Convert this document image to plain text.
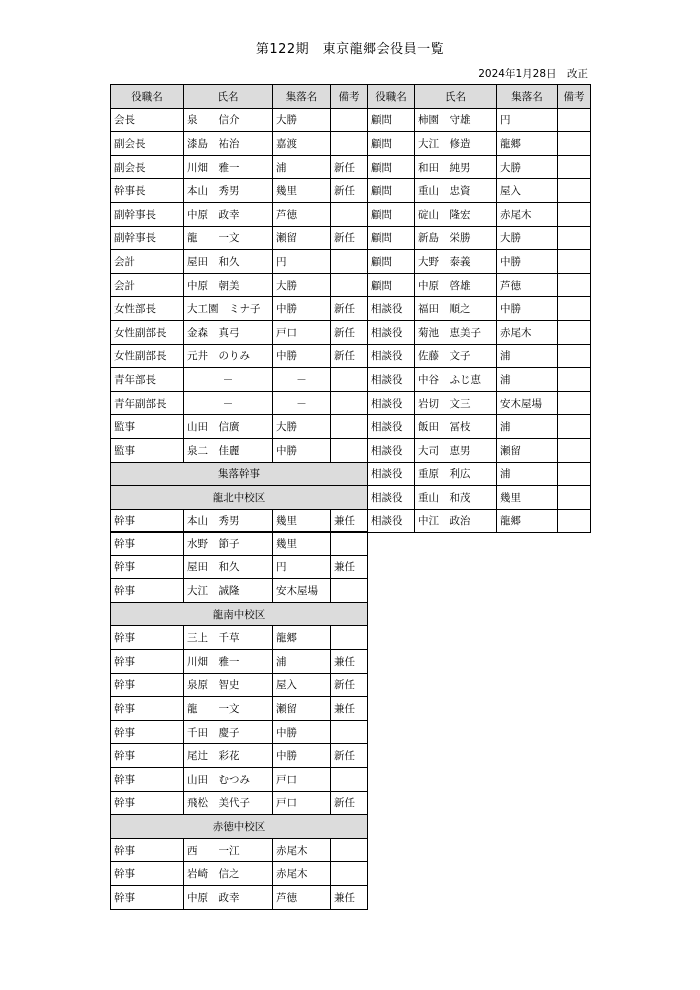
第122期　東京龍郷会役員一覧
2024年1月28日　改正
役職名	氏名	集落名	備考	役職名	氏名	集落名	備考
会長	泉　　信介	大勝		顧問	柿園　守雄	円	
副会長	漆島　祐治	嘉渡		顧問	大江　修造	龍郷	
副会長	川畑　雅一	浦	新任	顧問	和田　純男	大勝	
幹事長	本山　秀男	幾里	新任	顧問	重山　忠資	屋入	
副幹事長	中原　政幸	芦徳		顧問	碇山　隆宏	赤尾木	
副幹事長	龍　　一文	瀬留	新任	顧問	新島　栄勝	大勝	
会計	屋田　和久	円		顧問	大野　泰義	中勝	
会計	中原　朝美	大勝		顧問	中原　啓雄	芦徳	
女性部長	大工園　ミナ子	中勝	新任	相談役	福田　順之	中勝	
女性副部長	金森　真弓	戸口	新任	相談役	菊池　恵美子	赤尾木	
女性副部長	元井　のりみ	中勝	新任	相談役	佐藤　文子	浦	
青年部長	－	－		相談役	中谷　ふじ恵	浦	
青年副部長	－	－		相談役	岩切　文三	安木屋場	
監事	山田　信廣	大勝		相談役	飯田　冨枝	浦	
監事	泉二　佳麗	中勝		相談役	大司　恵男	瀬留	
集落幹事				相談役	重原　利広	浦	
龍北中校区				相談役	重山　和茂	幾里	
幹事	本山　秀男	幾里	兼任	相談役	中江　政治	龍郷	
幹事	水野　節子	幾里	
幹事	屋田　和久	円	兼任
幹事	大江　誠隆	安木屋場	
龍南中校区			
幹事	三上　千草	龍郷	
幹事	川畑　雅一	浦	兼任
幹事	泉原　智史	屋入	新任
幹事	龍　　一文	瀬留	兼任
幹事	千田　慶子	中勝	
幹事	尾辻　彩花	中勝	新任
幹事	山田　むつみ	戸口	
幹事	飛松　美代子	戸口	新任
赤徳中校区			
幹事	西　　一江	赤尾木	
幹事	岩崎　信之	赤尾木	
幹事	中原　政幸	芦徳	兼任
